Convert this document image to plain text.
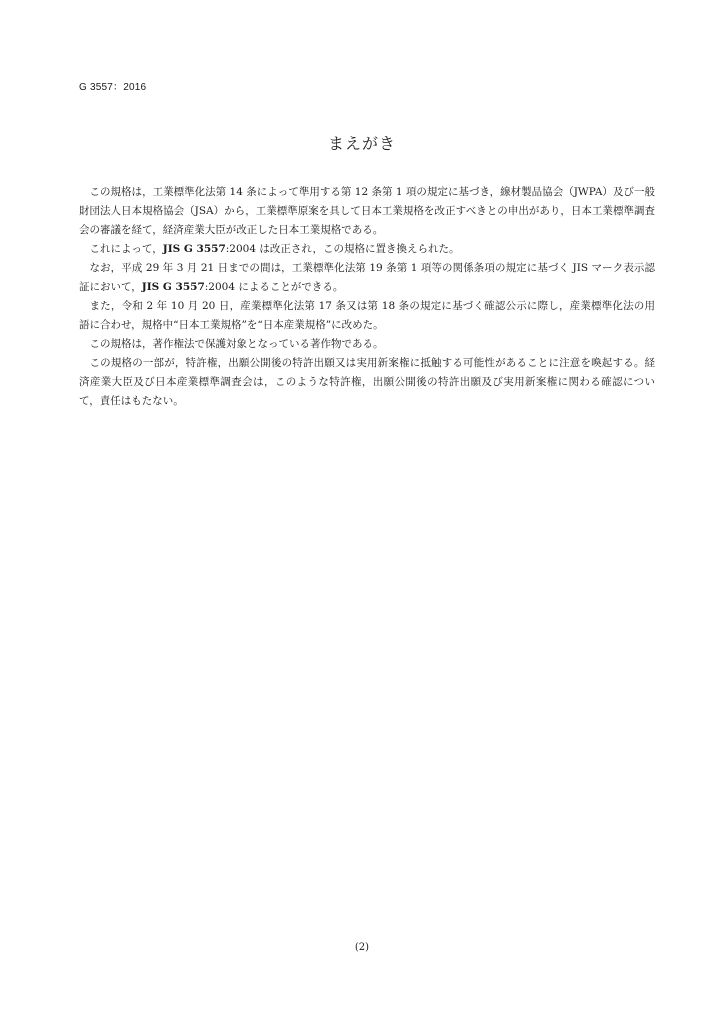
G 3557：2016
まえがき

この規格は，工業標準化法第 14 条によって準用する第 12 条第 1 項の規定に基づき，線材製品協会（JWPA）及び一般財団法人日本規格協会（JSA）から，工業標準原案を具して日本工業規格を改正すべきとの申出があり，日本工業標準調査会の審議を経て，経済産業大臣が改正した日本工業規格である。

これによって，JIS G 3557:2004 は改正され，この規格に置き換えられた。

なお，平成 29 年 3 月 21 日までの間は，工業標準化法第 19 条第 1 項等の関係条項の規定に基づく JIS マーク表示認証において，JIS G 3557:2004 によることができる。

また，令和 2 年 10 月 20 日，産業標準化法第 17 条又は第 18 条の規定に基づく確認公示に際し，産業標準化法の用語に合わせ，規格中“日本工業規格”を“日本産業規格”に改めた。

この規格は，著作権法で保護対象となっている著作物である。

この規格の一部が，特許権，出願公開後の特許出願又は実用新案権に抵触する可能性があることに注意を喚起する。経済産業大臣及び日本産業標準調査会は，このような特許権，出願公開後の特許出願及び実用新案権に関わる確認について，責任はもたない。

(2)
